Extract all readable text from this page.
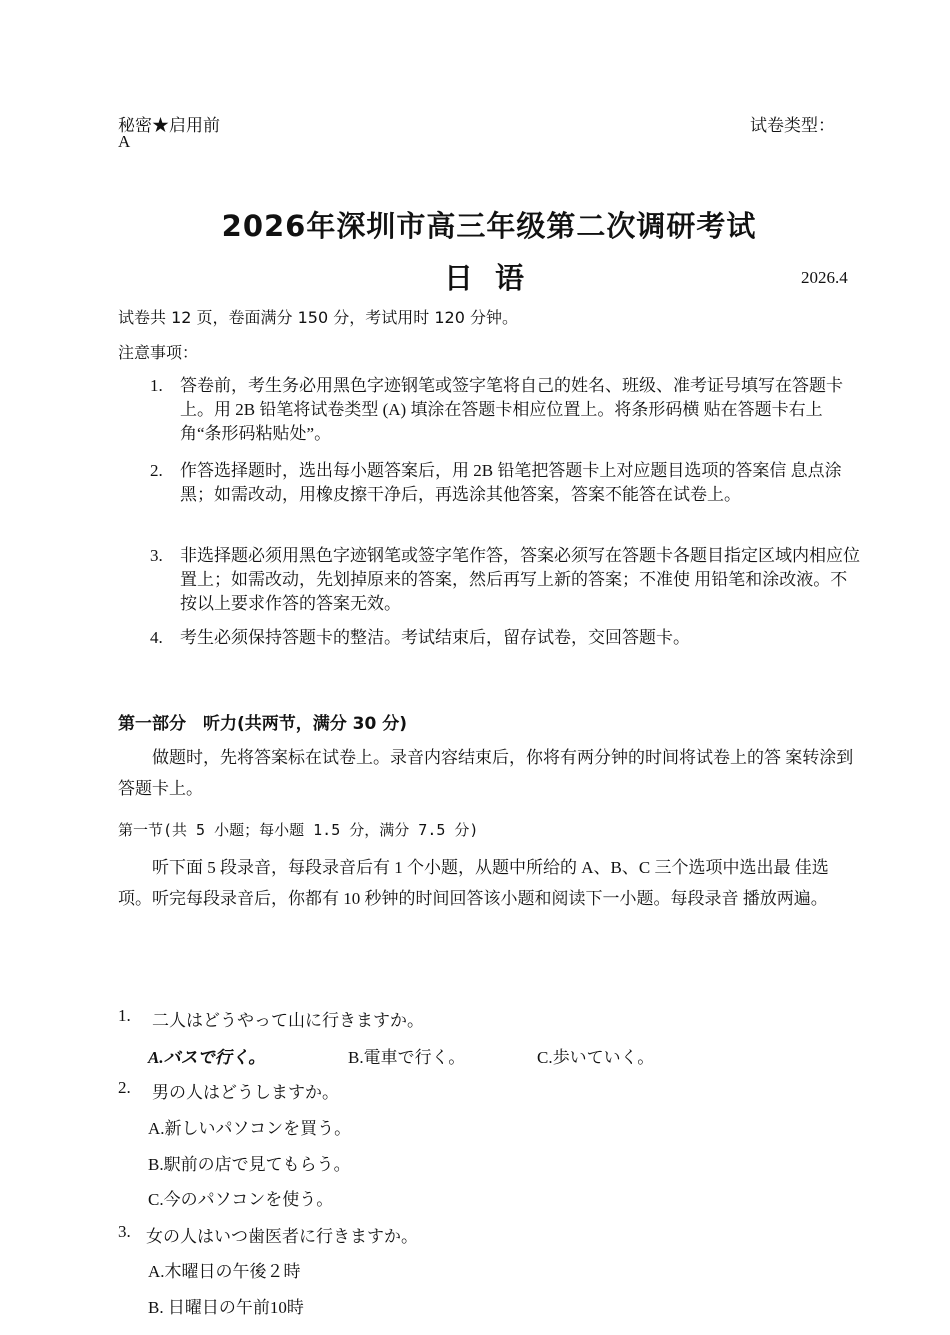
秘密★启用前	试卷类型：
A
2026年深圳市高三年级第二次调研考试
日语	2026.4
试卷共 12 页，卷面满分 150 分，考试用时 120 分钟。
注意事项：
1.	答卷前，考生务必用黑色字迹钢笔或签字笔将自己的姓名、班级、准考证号填写在答题卡上。用 2B 铅笔将试卷类型 (A) 填涂在答题卡相应位置上。将条形码横 贴在答题卡右上角“条形码粘贴处”。
2.	作答选择题时，选出每小题答案后，用 2B 铅笔把答题卡上对应题目选项的答案信 息点涂黑；如需改动，用橡皮擦干净后，再选涂其他答案，答案不能答在试卷上。
3.	非选择题必须用黑色字迹钢笔或签字笔作答，答案必须写在答题卡各题目指定区域内相应位置上；如需改动，先划掉原来的答案，然后再写上新的答案；不准使 用铅笔和涂改液。不按以上要求作答的答案无效。
4.	考生必须保持答题卡的整洁。考试结束后，留存试卷，交回答题卡。
第一部分　听力(共两节，满分 30 分)
做题时，先将答案标在试卷上。录音内容结束后，你将有两分钟的时间将试卷上的答 案转涂到答题卡上。
第一节(共 5 小题；每小题 1.5 分，满分 7.5 分)
听下面 5 段录音，每段录音后有 1 个小题，从题中所给的 A、B、C 三个选项中选出最 佳选项。听完每段录音后，你都有 10 秒钟的时间回答该小题和阅读下一小题。每段录音 播放两遍。
1. 二人はどうやって山に行きますか。
A.バスで行く。	B.電車で行く。	C.歩いていく。
2. 男の人はどうしますか。
A.新しいパソコンを買う。
B.駅前の店で見てもらう。
C.今のパソコンを使う。
3. 女の人はいつ歯医者に行きますか。
A.木曜日の午後２時
B. 日曜日の午前10時
